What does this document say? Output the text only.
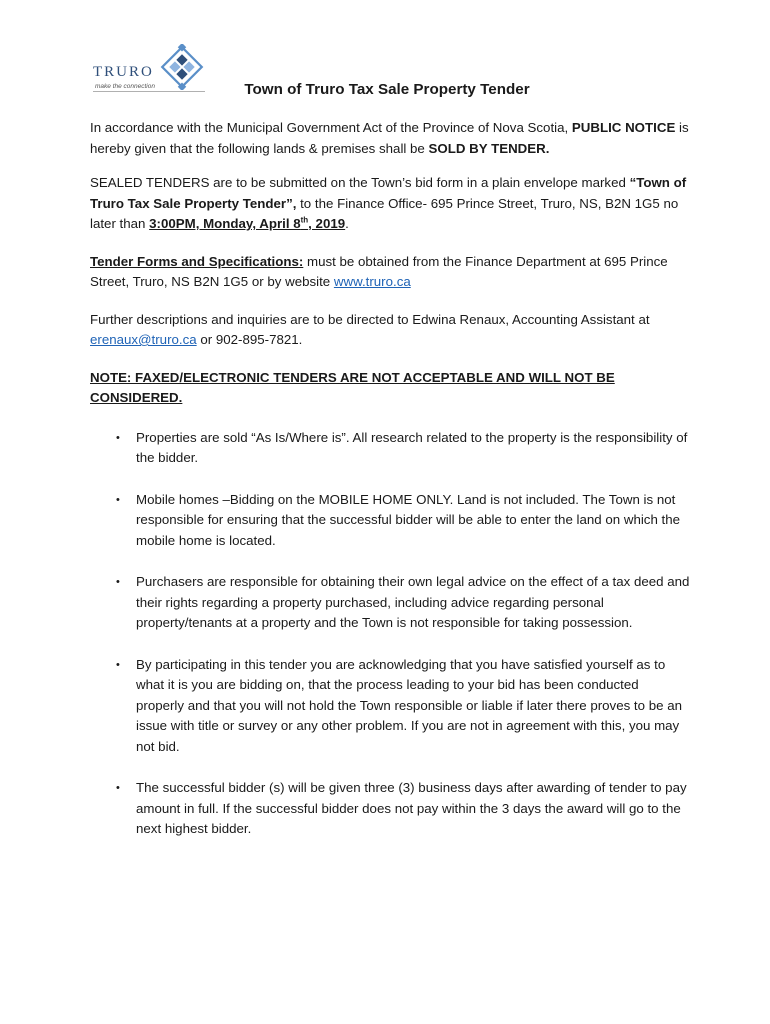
TRURO
make the connection	Town of Truro Tax Sale Property Tender

In accordance with the Municipal Government Act of the Province of Nova Scotia, PUBLIC NOTICE is hereby given that the following lands & premises shall be SOLD BY TENDER.

SEALED TENDERS are to be submitted on the Town’s bid form in a plain envelope marked “Town of Truro Tax Sale Property Tender”, to the Finance Office- 695 Prince Street, Truro, NS, B2N 1G5 no later than 3:00PM, Monday, April 8th, 2019.

Tender Forms and Specifications: must be obtained from the Finance Department at 695 Prince Street, Truro, NS B2N 1G5 or by website www.truro.ca

Further descriptions and inquiries are to be directed to Edwina Renaux, Accounting Assistant at erenaux@truro.ca or 902-895-7821.

NOTE: FAXED/ELECTRONIC TENDERS ARE NOT ACCEPTABLE AND WILL NOT BE CONSIDERED.

• Properties are sold “As Is/Where is”. All research related to the property is the responsibility of the bidder.
• Mobile homes –Bidding on the MOBILE HOME ONLY. Land is not included. The Town is not responsible for ensuring that the successful bidder will be able to enter the land on which the mobile home is located.
• Purchasers are responsible for obtaining their own legal advice on the effect of a tax deed and their rights regarding a property purchased, including advice regarding personal property/tenants at a property and the Town is not responsible for taking possession.
• By participating in this tender you are acknowledging that you have satisfied yourself as to what it is you are bidding on, that the process leading to your bid has been conducted properly and that you will not hold the Town responsible or liable if later there proves to be an issue with title or survey or any other problem. If you are not in agreement with this, you may not bid.
• The successful bidder (s) will be given three (3) business days after awarding of tender to pay amount in full. If the successful bidder does not pay within the 3 days the award will go to the next highest bidder.
